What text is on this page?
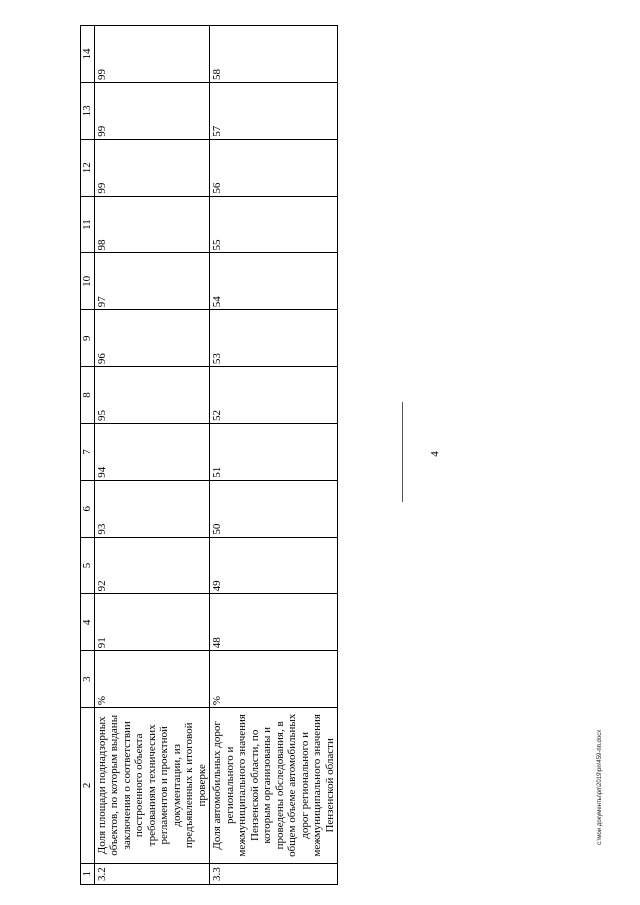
1	2	3	4	5	6	7	8	9	10	11	12	13	14
3.2	Доля площади поднадзорных объектов, по которым выданы заключения о соответствии построенного объекта требованиям технических регламентов и проектной документации, из предъявленных к итоговой проверке	%	91	92	93	94	95	96	97	98	99	99	99
3.3	Доля автомобильных дорог регионального и межмуниципального значения Пензенской области, по которым организованы и проведены обследования, в общем объеме автомобильных дорог регионального и межмуниципального значения Пензенской области	%	48	49	50	51	52	53	54	55	56	57	58
4
c:\мои документы\рп\2019\pn\459-пп.docx
